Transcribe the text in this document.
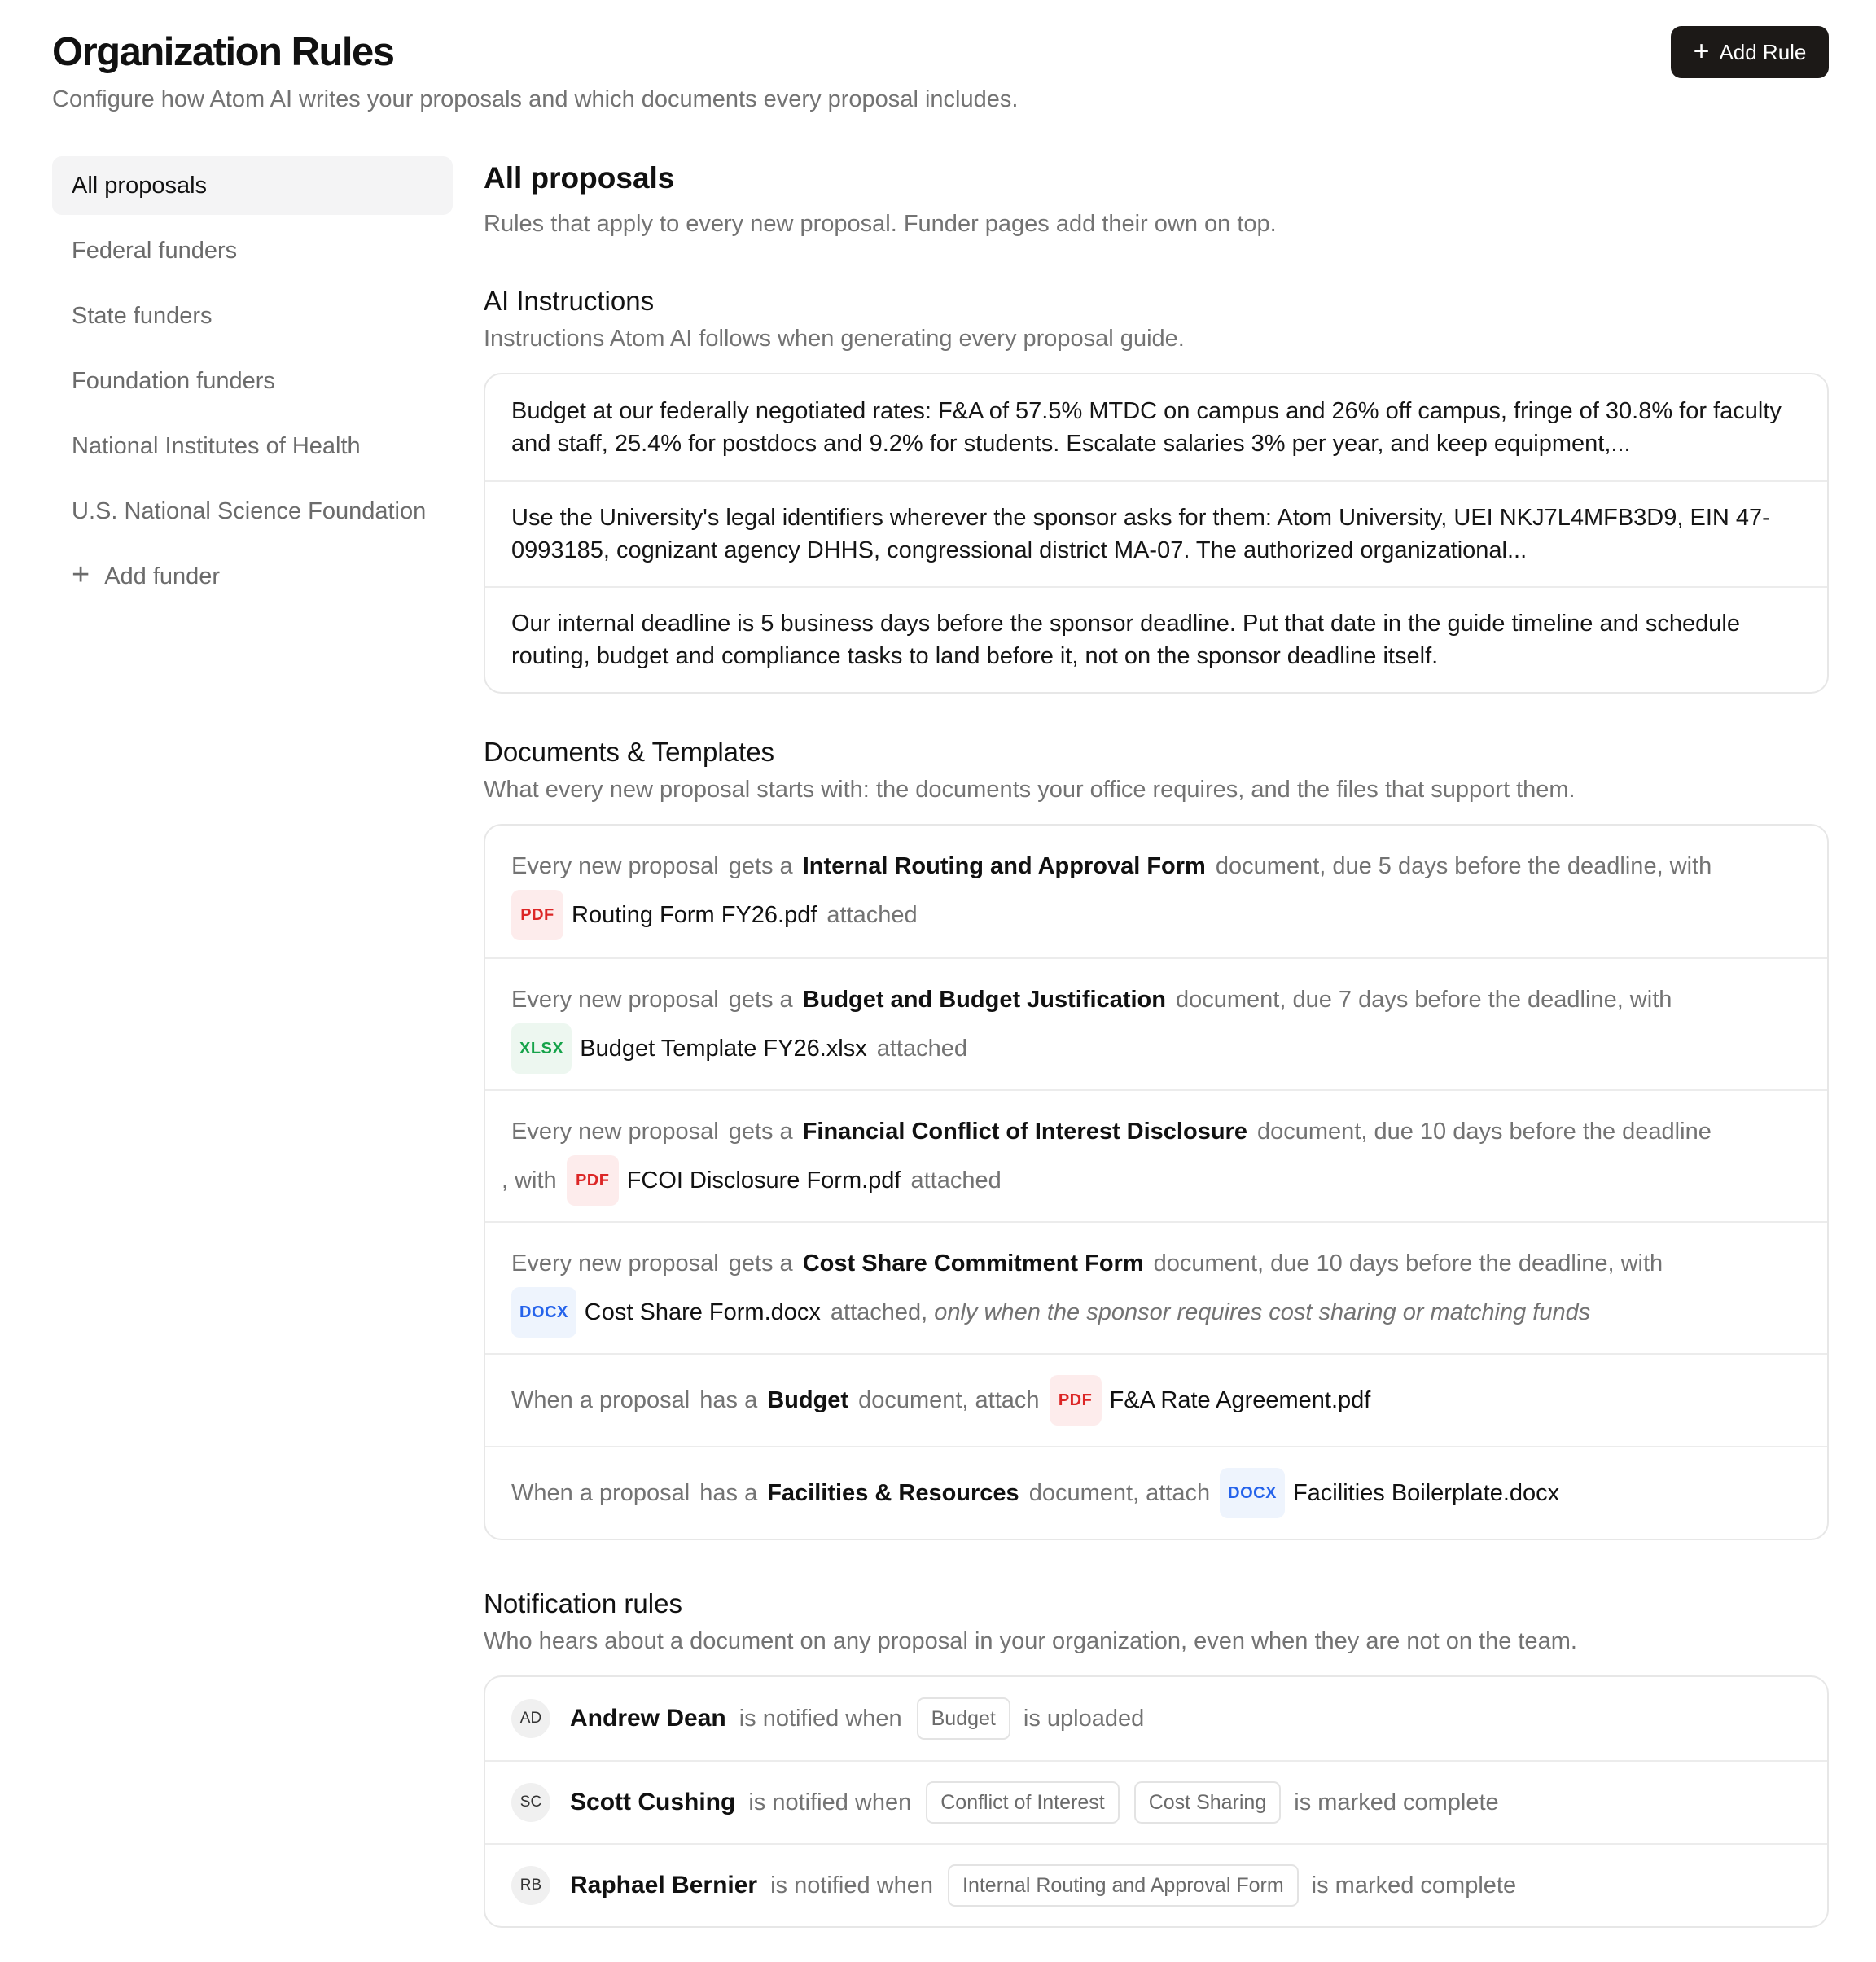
Organization Rules
Configure how Atom AI writes your proposals and which documents every proposal includes.
+ Add Rule
All proposals
Federal funders
State funders
Foundation funders
National Institutes of Health
U.S. National Science Foundation
+ Add funder
All proposals
Rules that apply to every new proposal. Funder pages add their own on top.
AI Instructions
Instructions Atom AI follows when generating every proposal guide.
Budget at our federally negotiated rates: F&A of 57.5% MTDC on campus and 26% off campus, fringe of 30.8% for faculty and staff, 25.4% for postdocs and 9.2% for students. Escalate salaries 3% per year, and keep equipment,...
Use the University's legal identifiers wherever the sponsor asks for them: Atom University, UEI NKJ7L4MFB3D9, EIN 47-0993185, cognizant agency DHHS, congressional district MA-07. The authorized organizational...
Our internal deadline is 5 business days before the sponsor deadline. Put that date in the guide timeline and schedule routing, budget and compliance tasks to land before it, not on the sponsor deadline itself.
Documents & Templates
What every new proposal starts with: the documents your office requires, and the files that support them.
Every new proposal gets a Internal Routing and Approval Form document, due 5 days before the deadline, with
PDF Routing Form FY26.pdf attached
Every new proposal gets a Budget and Budget Justification document, due 7 days before the deadline, with
XLSX Budget Template FY26.xlsx attached
Every new proposal gets a Financial Conflict of Interest Disclosure document, due 10 days before the deadline
, with	PDF FCOI Disclosure Form.pdf attached
Every new proposal gets a Cost Share Commitment Form document, due 10 days before the deadline, with
DOCX Cost Share Form.docx attached, only when the sponsor requires cost sharing or matching funds
When a proposal has a Budget document, attach	PDF F&A Rate Agreement.pdf
When a proposal has a Facilities & Resources document, attach	DOCX Facilities Boilerplate.docx
Notification rules
Who hears about a document on any proposal in your organization, even when they are not on the team.
AD	Andrew Dean is notified when	Budget	is uploaded
SC	Scott Cushing is notified when	Conflict of Interest	Cost Sharing	is marked complete
RB	Raphael Bernier is notified when	Internal Routing and Approval Form	is marked complete
